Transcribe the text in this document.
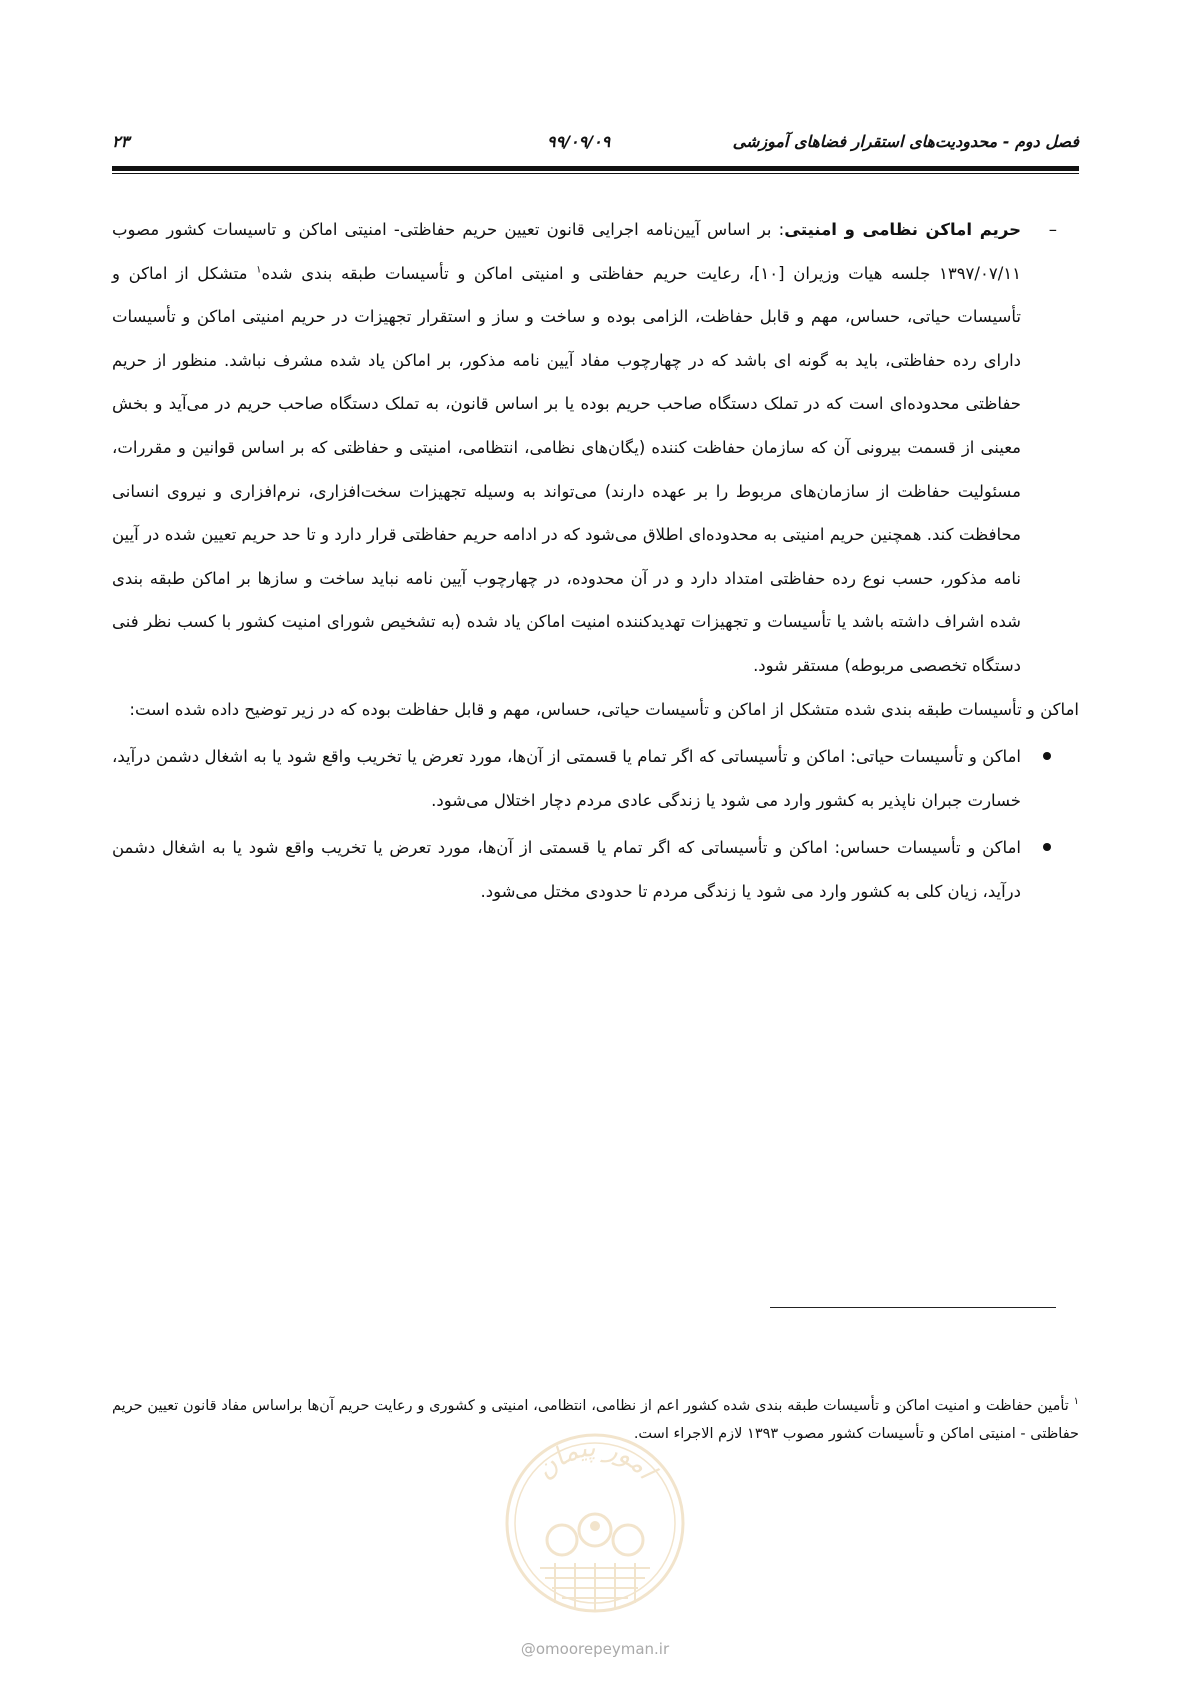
فصل دوم - محدودیت‌های استقرار فضاهای آموزشی
۹۹/۰۹/۰۹
۲۳

–
حریم اماکن نظامی و امنیتی: بر اساس آیین‌نامه اجرایی قانون تعیین حریم حفاظتی- امنیتی اماکن و تاسیسات کشور مصوب ۱۳۹۷/۰۷/۱۱ جلسه هیات وزیران [۱۰]، رعایت حریم حفاظتی و امنیتی اماکن و تأسیسات طبقه بندی شده$^۱$ متشکل از اماکن و تأسیسات حیاتی، حساس، مهم و قابل حفاظت، الزامی بوده و ساخت و ساز و استقرار تجهیزات در حریم امنیتی اماکن و تأسیسات دارای رده حفاظتی، باید به گونه ای باشد که در چهارچوب مفاد آیین نامه مذکور، بر اماکن یاد شده مشرف نباشد. منظور از حریم حفاظتی محدوده‌ای است که در تملک دستگاه صاحب حریم بوده یا بر اساس قانون، به تملک دستگاه صاحب حریم در می‌آید و بخش معینی از قسمت بیرونی آن که سازمان حفاظت کننده (یگان‌های نظامی، انتظامی، امنیتی و حفاظتی که بر اساس قوانین و مقررات، مسئولیت حفاظت از سازمان‌های مربوط را بر عهده دارند) می‌تواند به وسیله تجهیزات سخت‌افزاری، نرم‌افزاری و نیروی انسانی محافظت کند. همچنین حریم امنیتی به محدوده‌ای اطلاق می‌شود که در ادامه حریم حفاظتی قرار دارد و تا حد حریم تعیین شده در آیین نامه مذکور، حسب نوع رده حفاظتی امتداد دارد و در آن محدوده، در چهارچوب آیین نامه نباید ساخت و سازها بر اماکن طبقه بندی شده اشراف داشته باشد یا تأسیسات و تجهیزات تهدیدکننده امنیت اماکن یاد شده (به تشخیص شورای امنیت کشور با کسب نظر فنی دستگاه تخصصی مربوطه) مستقر شود.

اماکن و تأسیسات طبقه بندی شده متشکل از اماکن و تأسیسات حیاتی، حساس، مهم و قابل حفاظت بوده که در زیر توضیح داده شده است:

اماکن و تأسیسات حیاتی: اماکن و تأسیساتی که اگر تمام یا قسمتی از آن‌ها، مورد تعرض یا تخریب واقع شود یا به اشغال دشمن درآید، خسارت جبران ناپذیر به کشور وارد می شود یا زندگی عادی مردم دچار اختلال می‌شود.
اماکن و تأسیسات حساس: اماکن و تأسیساتی که اگر تمام یا قسمتی از آن‌ها، مورد تعرض یا تخریب واقع شود یا به اشغال دشمن درآید، زیان کلی به کشور وارد می شود یا زندگی مردم تا حدودی مختل می‌شود.
$^۱$ تأمین حفاظت و امنیت اماکن و تأسیسات طبقه بندی شده کشور اعم از نظامی، انتظامی، امنیتی و کشوری و رعایت حریم آن‌ها براساس مفاد قانون تعیین حریم حفاظتی - امنیتی اماکن و تأسیسات کشور مصوب ۱۳۹۳ لازم الاجراء است.
امور پیمان
@omoorepeyman.ir
